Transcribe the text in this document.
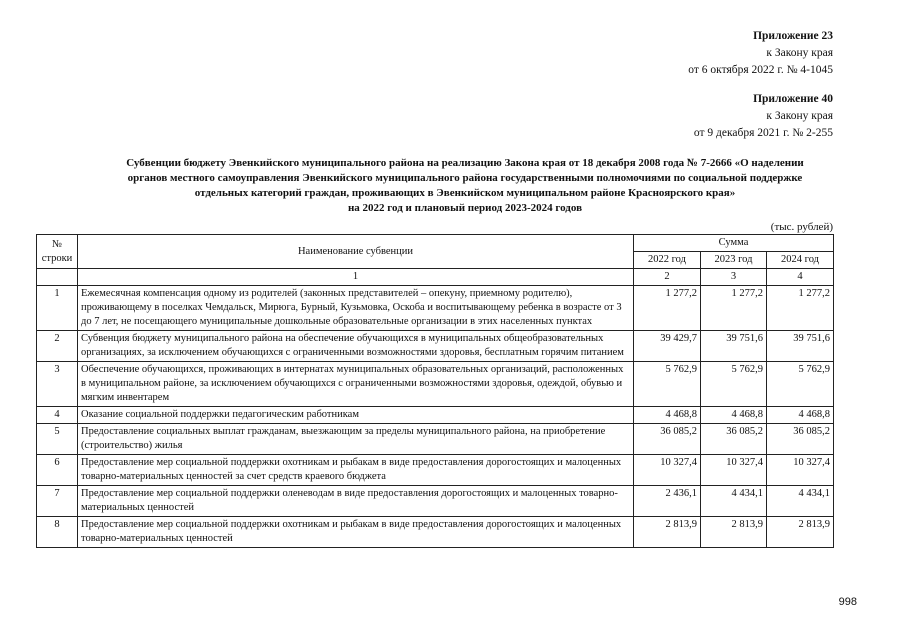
Приложение 23
к Закону края
от 6 октября 2022 г. № 4-1045
Приложение 40
к Закону края
от 9 декабря 2021 г. № 2-255
Субвенции бюджету Эвенкийского муниципального района на реализацию Закона края от 18 декабря 2008 года № 7-2666 «О наделении
органов местного самоуправления Эвенкийского муниципального района государственными полномочиями по социальной поддержке
отдельных категорий граждан, проживающих в Эвенкийском муниципальном районе Красноярского края»
на 2022 год и плановый период 2023-2024 годов
(тыс. рублей)
№ строки	Наименование субвенции	Сумма		
		2022 год	2023 год	2024 год
	1	2	3	4
1	Ежемесячная компенсация одному из родителей (законных представителей – опекуну, приемному родителю), проживающему в поселках Чемдальск, Мирюга, Бурный, Кузьмовка, Оскоба и воспитывающему ребенка в возрасте от 3 до 7 лет, не посещающего муниципальные дошкольные образовательные организации в этих населенных пунктах	1 277,2	1 277,2	1 277,2
2	Субвенция бюджету муниципального района на обеспечение обучающихся в муниципальных общеобразовательных организациях, за исключением обучающихся с ограниченными возможностями здоровья, бесплатным горячим питанием	39 429,7	39 751,6	39 751,6
3	Обеспечение обучающихся, проживающих в интернатах муниципальных образовательных организаций, расположенных в муниципальном районе, за исключением обучающихся с ограниченными возможностями здоровья, одеждой, обувью и мягким инвентарем	5 762,9	5 762,9	5 762,9
4	Оказание социальной поддержки педагогическим работникам	4 468,8	4 468,8	4 468,8
5	Предоставление социальных выплат гражданам, выезжающим за пределы муниципального района, на приобретение (строительство) жилья	36 085,2	36 085,2	36 085,2
6	Предоставление мер социальной поддержки охотникам и рыбакам в виде предоставления дорогостоящих и малоценных товарно-материальных ценностей за счет средств краевого бюджета	10 327,4	10 327,4	10 327,4
7	Предоставление мер социальной поддержки оленеводам в виде предоставления дорогостоящих и малоценных товарно-материальных ценностей	2 436,1	4 434,1	4 434,1
8	Предоставление мер социальной поддержки охотникам и рыбакам в виде предоставления дорогостоящих и малоценных товарно-материальных ценностей	2 813,9	2 813,9	2 813,9
998
